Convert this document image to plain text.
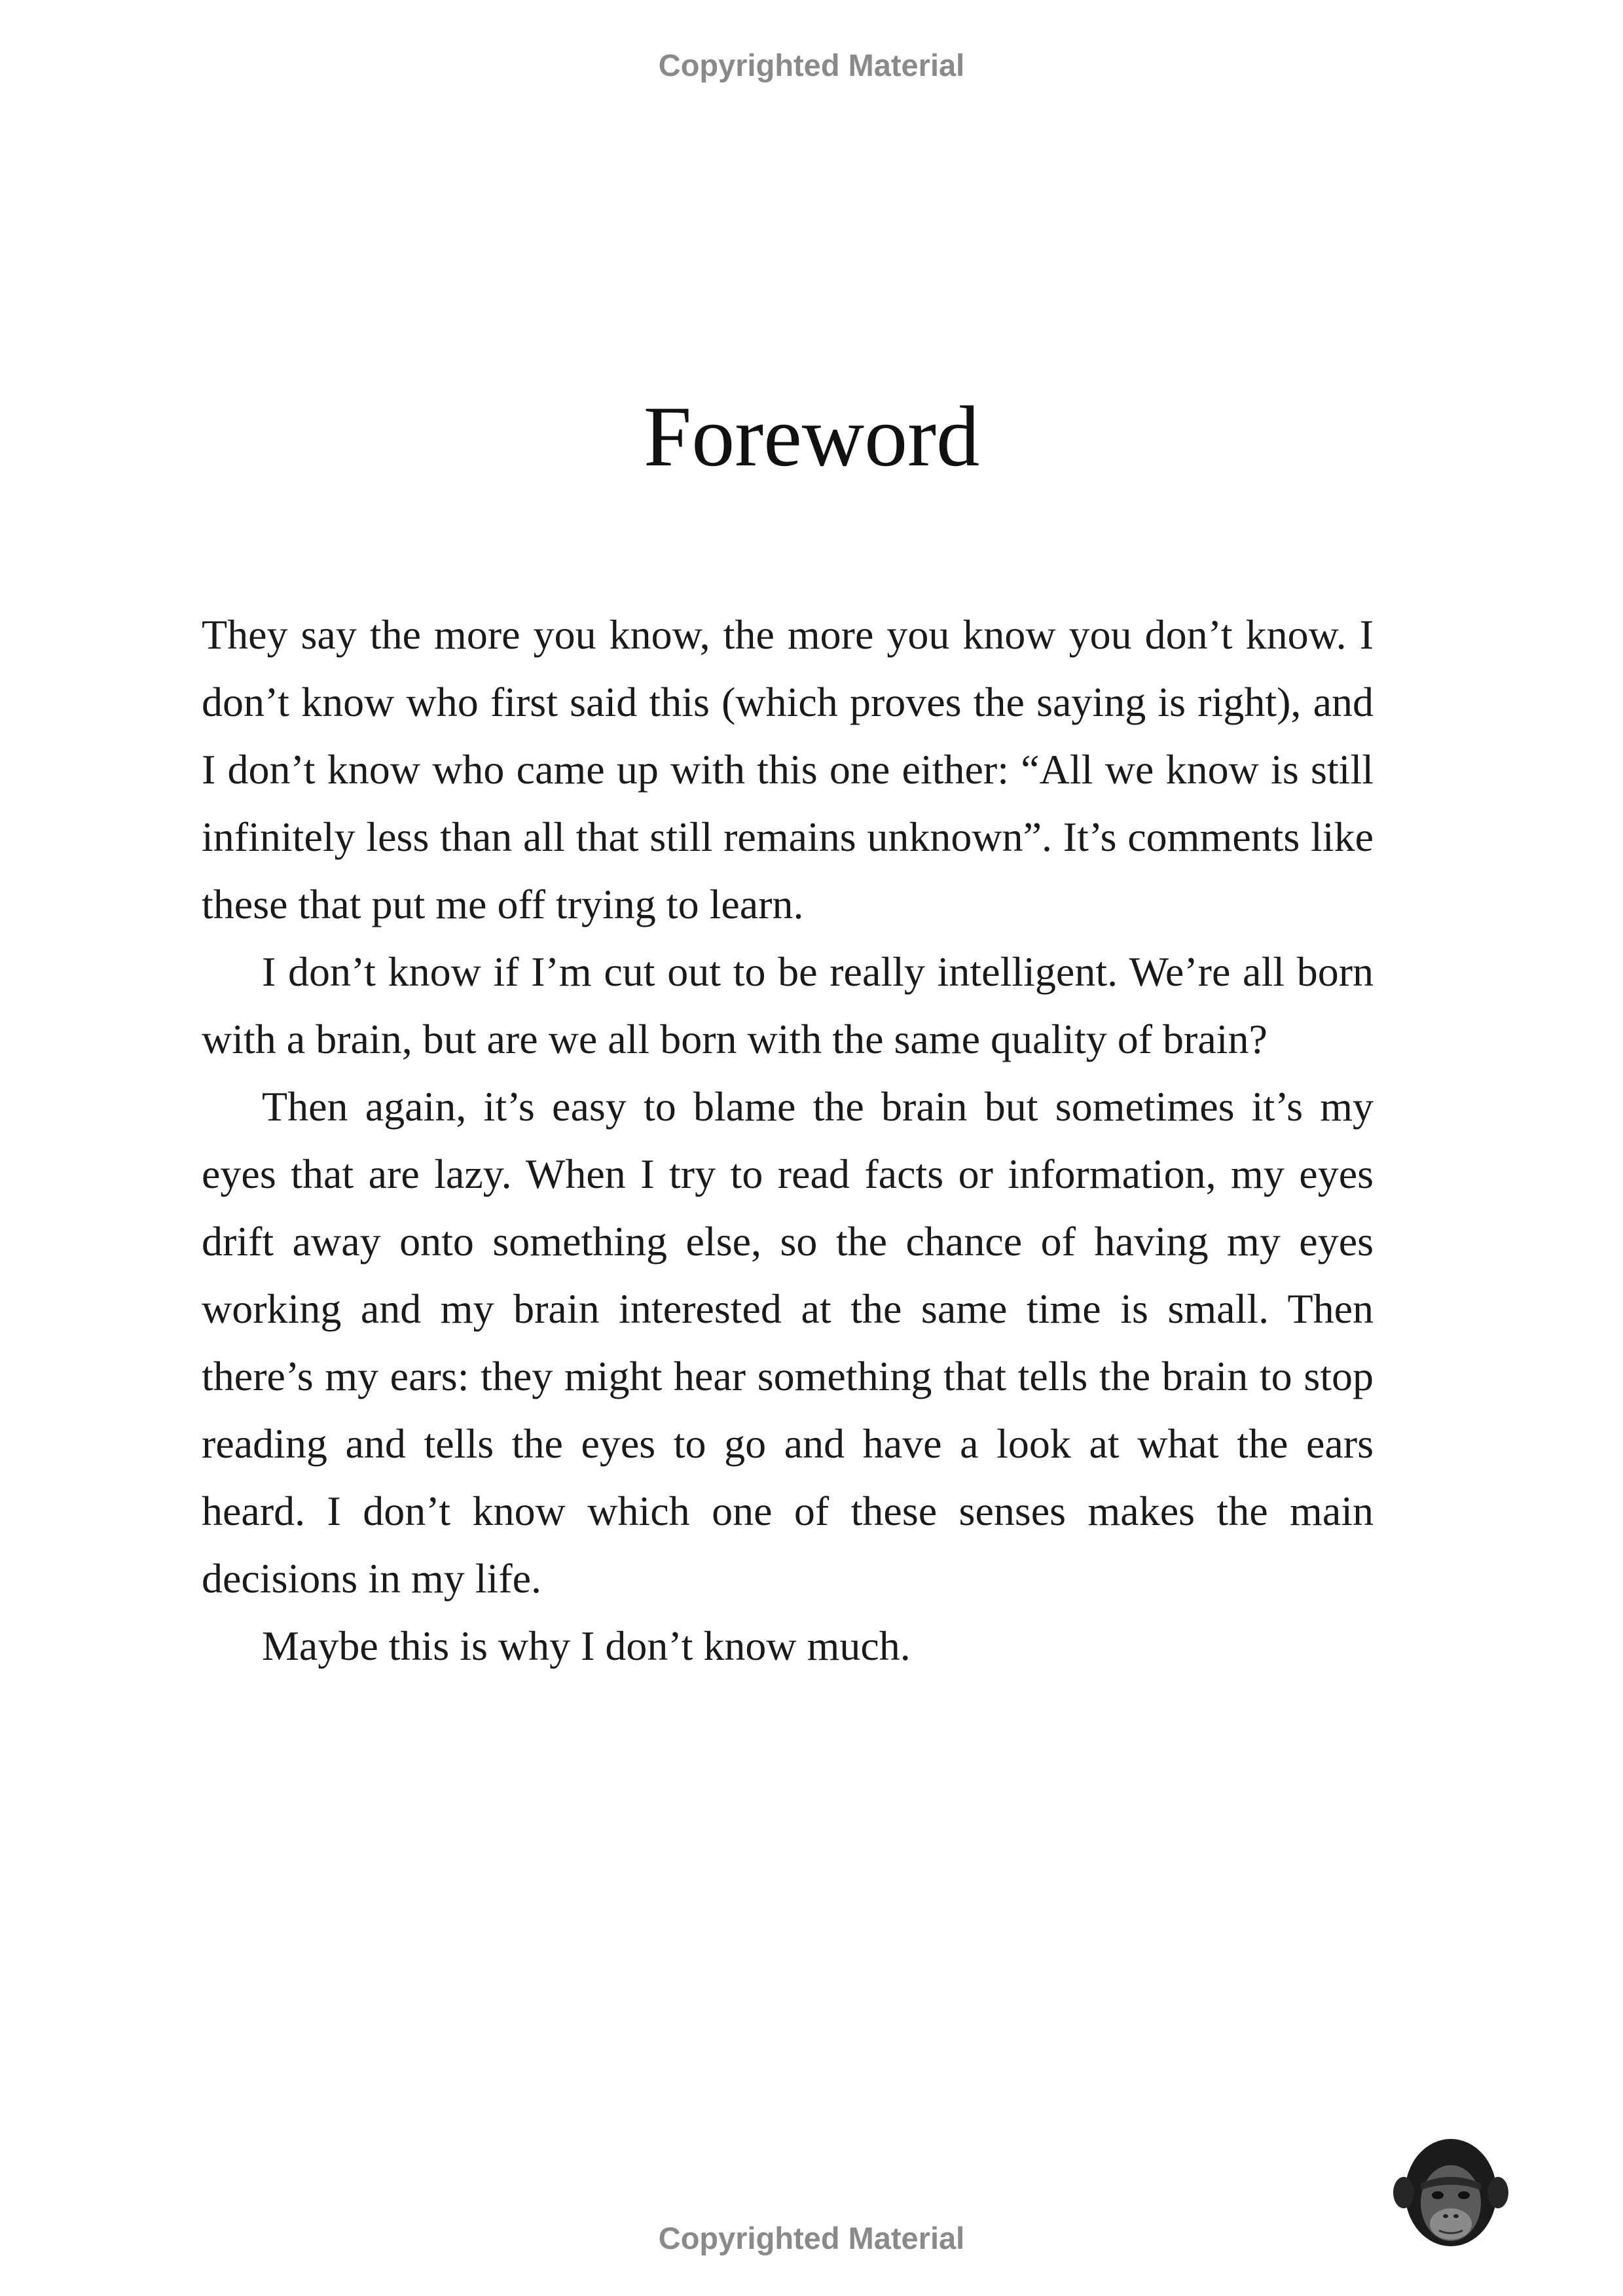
Copyrighted Material
Foreword

They say the more you know, the more you know you don’t know. I don’t know who first said this (which proves the saying is right), and I don’t know who came up with this one either: “All we know is still infinitely less than all that still remains unknown”. It’s comments like these that put me off trying to learn.

I don’t know if I’m cut out to be really intelligent. We’re all born with a brain, but are we all born with the same quality of brain?

Then again, it’s easy to blame the brain but sometimes it’s my eyes that are lazy. When I try to read facts or information, my eyes drift away onto something else, so the chance of having my eyes working and my brain interested at the same time is small. Then there’s my ears: they might hear something that tells the brain to stop reading and tells the eyes to go and have a look at what the ears heard. I don’t know which one of these senses makes the main decisions in my life.

Maybe this is why I don’t know much.

Copyrighted Material
